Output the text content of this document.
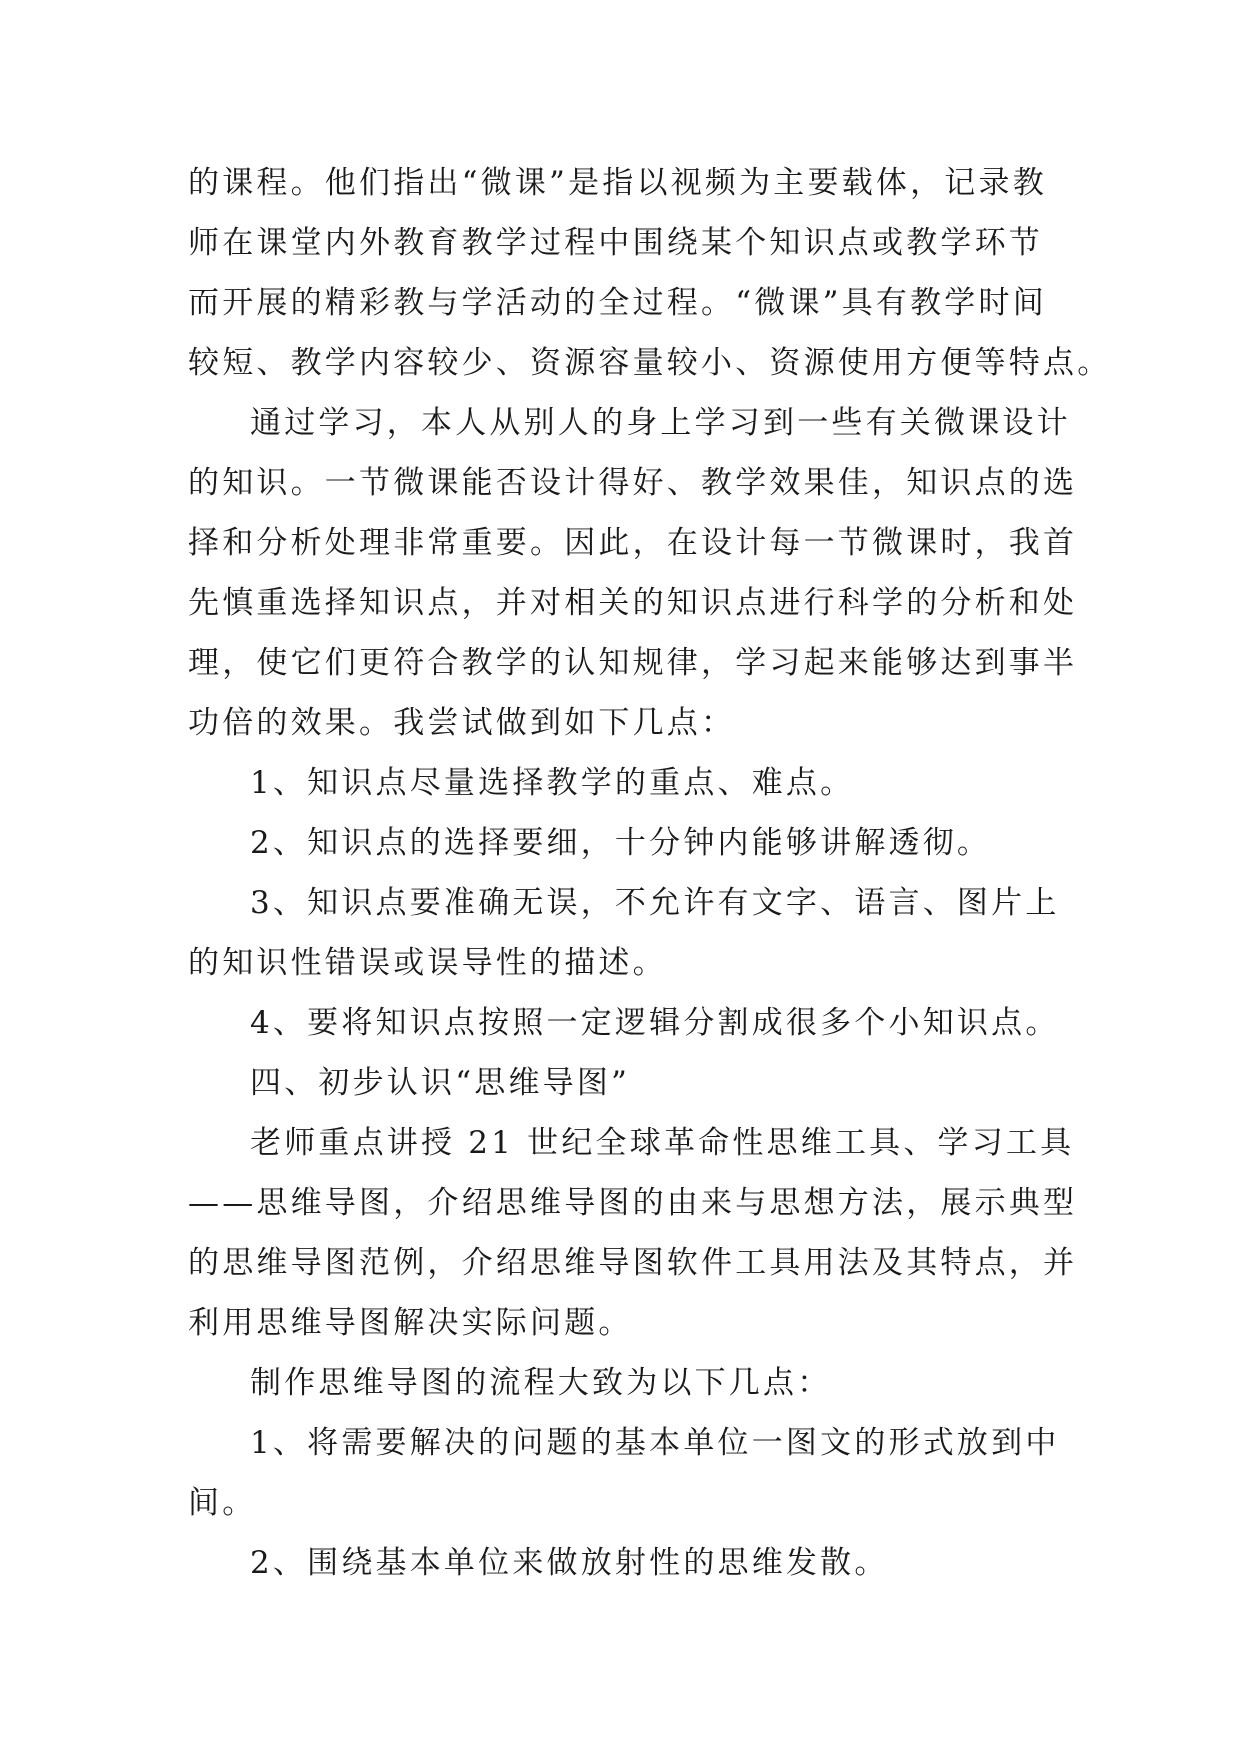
的课程。他们指出“微课”是指以视频为主要载体，记录教
师在课堂内外教育教学过程中围绕某个知识点或教学环节
而开展的精彩教与学活动的全过程。“微课”具有教学时间
较短、教学内容较少、资源容量较小、资源使用方便等特点。
通过学习，本人从别人的身上学习到一些有关微课设计
的知识。一节微课能否设计得好、教学效果佳，知识点的选
择和分析处理非常重要。因此，在设计每一节微课时，我首
先慎重选择知识点，并对相关的知识点进行科学的分析和处
理，使它们更符合教学的认知规律，学习起来能够达到事半
功倍的效果。我尝试做到如下几点：
1、知识点尽量选择教学的重点、难点。
2、知识点的选择要细，十分钟内能够讲解透彻。
3、知识点要准确无误，不允许有文字、语言、图片上
的知识性错误或误导性的描述。
4、要将知识点按照一定逻辑分割成很多个小知识点。
四、初步认识“思维导图”
老师重点讲授 21 世纪全球革命性思维工具、学习工具
——思维导图，介绍思维导图的由来与思想方法，展示典型
的思维导图范例，介绍思维导图软件工具用法及其特点，并
利用思维导图解决实际问题。
制作思维导图的流程大致为以下几点：
1、将需要解决的问题的基本单位一图文的形式放到中
间。
2、围绕基本单位来做放射性的思维发散。
